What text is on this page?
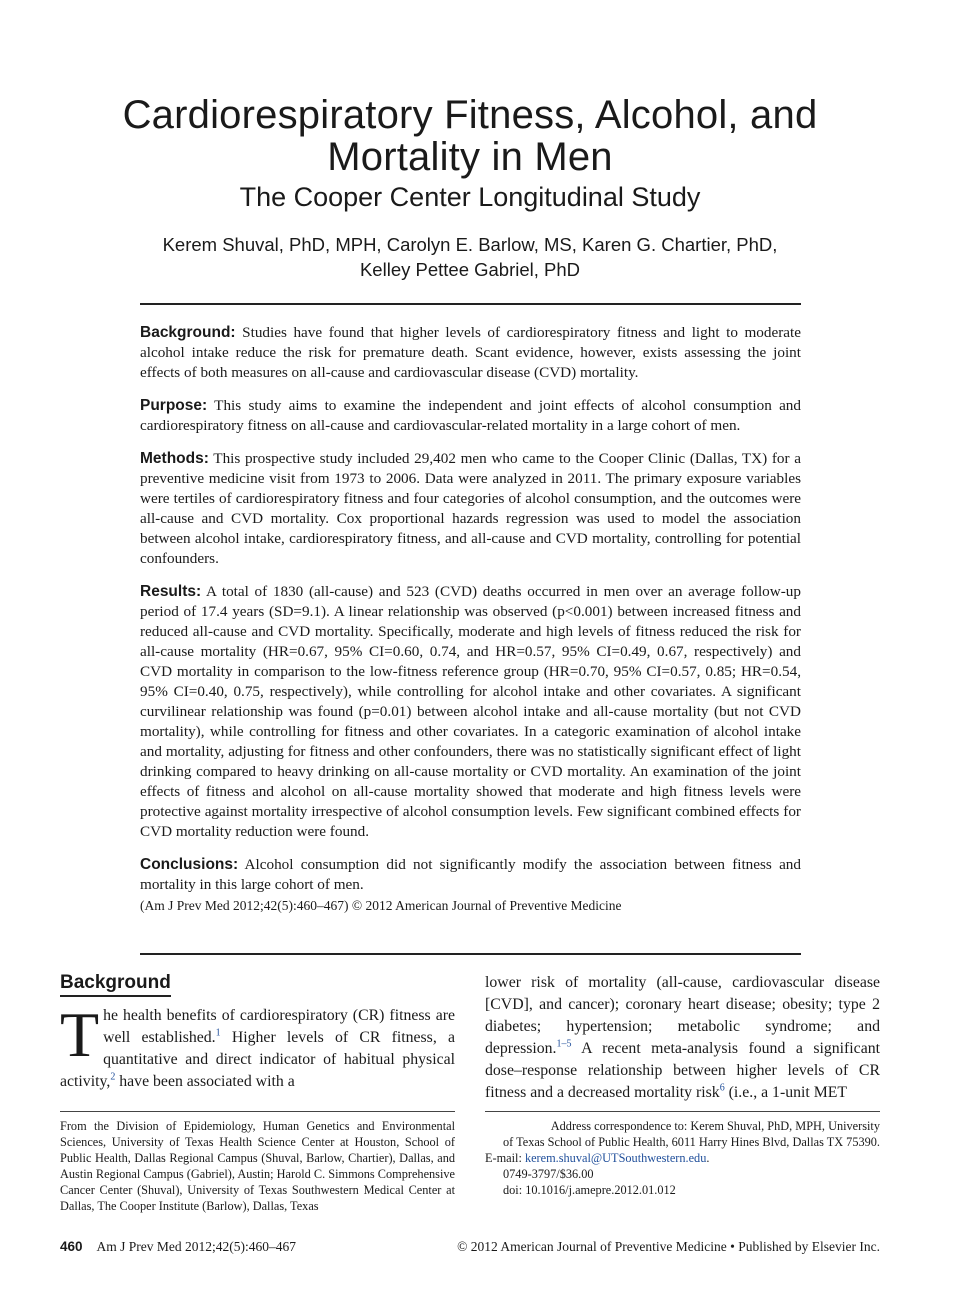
Cardiorespiratory Fitness, Alcohol, and
Mortality in Men
The Cooper Center Longitudinal Study
Kerem Shuval, PhD, MPH, Carolyn E. Barlow, MS, Karen G. Chartier, PhD,
Kelley Pettee Gabriel, PhD

Background: Studies have found that higher levels of cardiorespiratory fitness and light to moderate alcohol intake reduce the risk for premature death. Scant evidence, however, exists assessing the joint effects of both measures on all-cause and cardiovascular disease (CVD) mortality.

Purpose: This study aims to examine the independent and joint effects of alcohol consumption and cardiorespiratory fitness on all-cause and cardiovascular-related mortality in a large cohort of men.

Methods: This prospective study included 29,402 men who came to the Cooper Clinic (Dallas, TX) for a preventive medicine visit from 1973 to 2006. Data were analyzed in 2011. The primary exposure variables were tertiles of cardiorespiratory fitness and four categories of alcohol consumption, and the outcomes were all-cause and CVD mortality. Cox proportional hazards regression was used to model the association between alcohol intake, cardiorespiratory fitness, and all-cause and CVD mortality, controlling for potential confounders.

Results: A total of 1830 (all-cause) and 523 (CVD) deaths occurred in men over an average follow-up period of 17.4 years (SD=9.1). A linear relationship was observed (p<0.001) between increased fitness and reduced all-cause and CVD mortality. Specifically, moderate and high levels of fitness reduced the risk for all-cause mortality (HR=0.67, 95% CI=0.60, 0.74, and HR=0.57, 95% CI=0.49, 0.67, respectively) and CVD mortality in comparison to the low-fitness reference group (HR=0.70, 95% CI=0.57, 0.85; HR=0.54, 95% CI=0.40, 0.75, respectively), while controlling for alcohol intake and other covariates. A significant curvilinear relationship was found (p=0.01) between alcohol intake and all-cause mortality (but not CVD mortality), while controlling for fitness and other covariates. In a categoric examination of alcohol intake and mortality, adjusting for fitness and other confounders, there was no statistically significant effect of light drinking compared to heavy drinking on all-cause mortality or CVD mortality. An examination of the joint effects of fitness and alcohol on all-cause mortality showed that moderate and high fitness levels were protective against mortality irrespective of alcohol consumption levels. Few significant combined effects for CVD mortality reduction were found.

Conclusions: Alcohol consumption did not significantly modify the association between fitness and mortality in this large cohort of men.

(Am J Prev Med 2012;42(5):460–467) © 2012 American Journal of Preventive Medicine

Background

The health benefits of cardiorespiratory (CR) fitness are well established.$^1$ Higher levels of CR fitness, a quantitative and direct indicator of habitual physical activity,$^2$ have been associated with a

lower risk of mortality (all-cause, cardiovascular disease [CVD], and cancer); coronary heart disease; obesity; type 2 diabetes; hypertension; metabolic syndrome; and depression.$^{1-5}$ A recent meta-analysis found a significant dose–response relationship between higher levels of CR fitness and a decreased mortality risk$^6$ (i.e., a 1-unit MET

From the Division of Epidemiology, Human Genetics and Environmental Sciences, University of Texas Health Science Center at Houston, School of Public Health, Dallas Regional Campus (Shuval, Barlow, Chartier), Dallas, and Austin Regional Campus (Gabriel), Austin; Harold C. Simmons Comprehensive Cancer Center (Shuval), University of Texas Southwestern Medical Center at Dallas, The Cooper Institute (Barlow), Dallas, Texas
Address correspondence to: Kerem Shuval, PhD, MPH, University
of Texas School of Public Health, 6011 Harry Hines Blvd, Dallas TX 75390.
E-mail: kerem.shuval@UTSouthwestern.edu.
0749-3797/$36.00
doi: 10.1016/j.amepre.2012.01.012
460 Am J Prev Med 2012;42(5):460–467	© 2012 American Journal of Preventive Medicine • Published by Elsevier Inc.
